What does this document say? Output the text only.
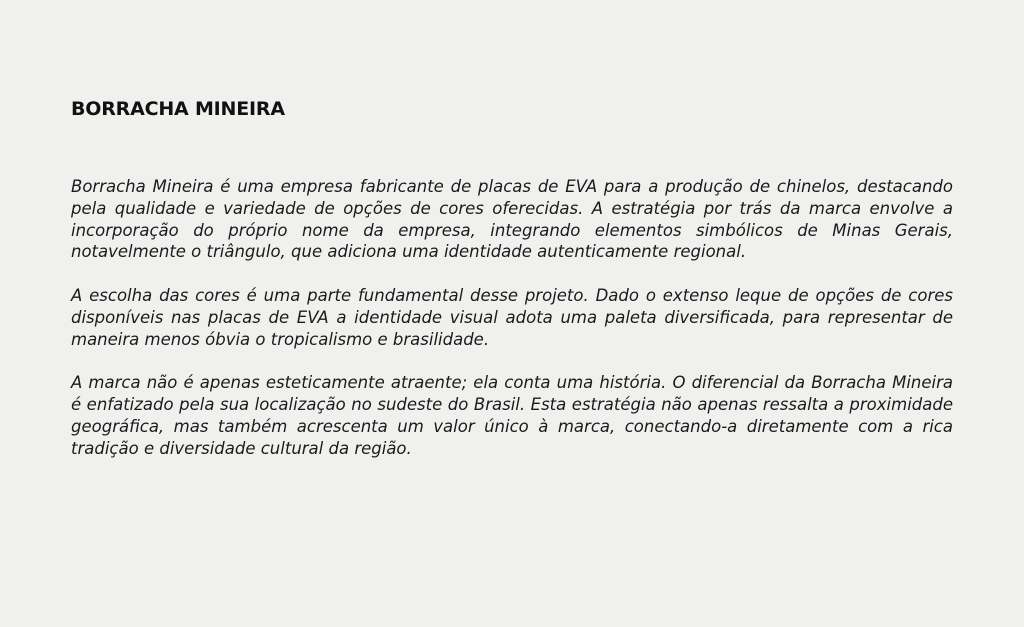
BORRACHA MINEIRA

Borracha Mineira é uma empresa fabricante de placas de EVA para a produção de chinelos, destacando pela qualidade e variedade de opções de cores oferecidas. A estratégia por trás da marca envolve a incorporação do próprio nome da empresa, integrando elementos simbólicos de Minas Gerais, notavelmente o triângulo, que adiciona uma identidade autenticamente regional.

A escolha das cores é uma parte fundamental desse projeto. Dado o extenso leque de opções de cores disponíveis nas placas de EVA a identidade visual adota uma paleta diversificada, para representar de maneira menos óbvia o tropicalismo e brasilidade.

A marca não é apenas esteticamente atraente; ela conta uma história. O diferencial da Borracha Mineira é enfatizado pela sua localização no sudeste do Brasil. Esta estratégia não apenas ressalta a proximidade geográfica, mas também acrescenta um valor único à marca, conectando-a diretamente com a rica tradição e diversidade cultural da região.
